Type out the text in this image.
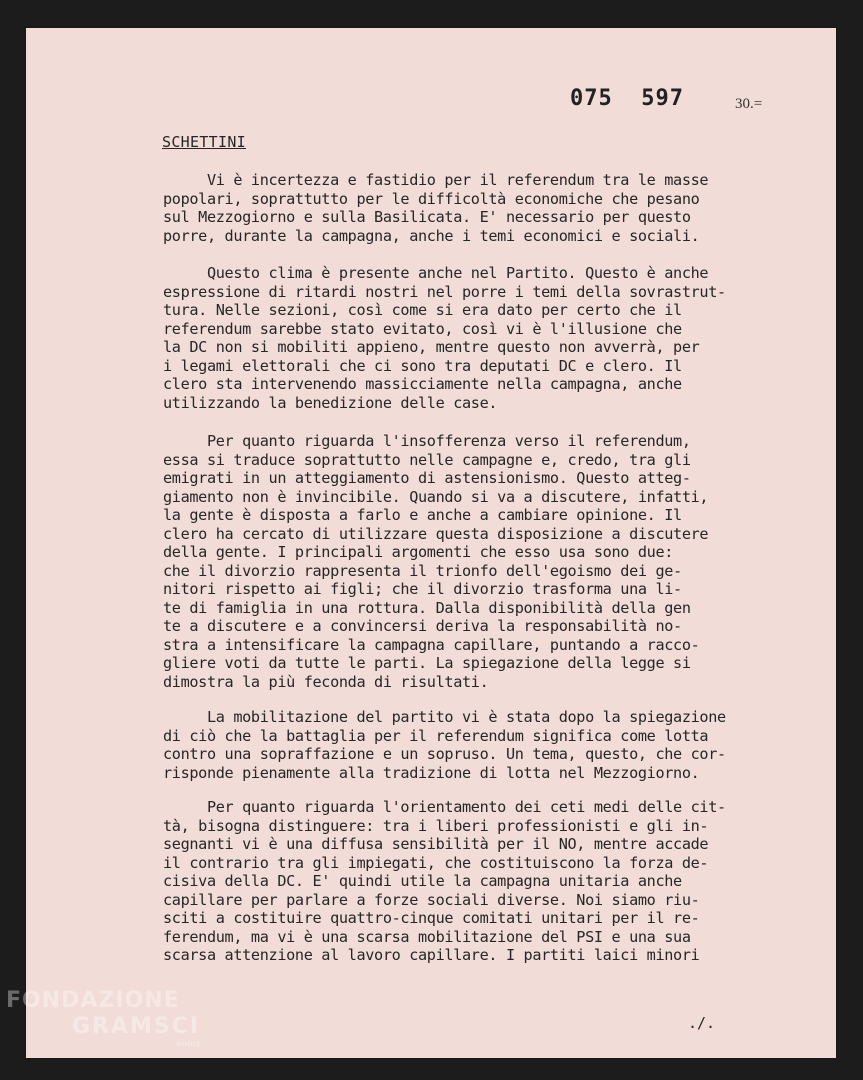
075  597	30.=
SCHETTINI

Vi è incertezza e fastidio per il referendum tra le masse
popolari, soprattutto per le difficoltà economiche che pesano
sul Mezzogiorno e sulla Basilicata. E' necessario per questo
porre, durante la campagna, anche i temi economici e sociali.

Questo clima è presente anche nel Partito. Questo è anche
espressione di ritardi nostri nel porre i temi della sovrastrut-
tura. Nelle sezioni, così come si era dato per certo che il
referendum sarebbe stato evitato, così vi è l'illusione che
la DC non si mobiliti appieno, mentre questo non avverrà, per
i legami elettorali che ci sono tra deputati DC e clero. Il
clero sta intervenendo massicciamente nella campagna, anche
utilizzando la benedizione delle case.

Per quanto riguarda l'insofferenza verso il referendum,
essa si traduce soprattutto nelle campagne e, credo, tra gli
emigrati in un atteggiamento di astensionismo. Questo atteg-
giamento non è invincibile. Quando si va a discutere, infatti,
la gente è disposta a farlo e anche a cambiare opinione. Il
clero ha cercato di utilizzare questa disposizione a discutere
della gente. I principali argomenti che esso usa sono due:
che il divorzio rappresenta il trionfo dell'egoismo dei ge-
nitori rispetto ai figli; che il divorzio trasforma una li-
te di famiglia in una rottura. Dalla disponibilità della gen
te a discutere e a convincersi deriva la responsabilità no-
stra a intensificare la campagna capillare, puntando a racco-
gliere voti da tutte le parti. La spiegazione della legge si
dimostra la più feconda di risultati.

La mobilitazione del partito vi è stata dopo la spiegazione
di ciò che la battaglia per il referendum significa come lotta
contro una sopraffazione e un sopruso. Un tema, questo, che cor-
risponde pienamente alla tradizione di lotta nel Mezzogiorno.

Per quanto riguarda l'orientamento dei ceti medi delle cit-
tà, bisogna distinguere: tra i liberi professionisti e gli in-
segnanti vi è una diffusa sensibilità per il NO, mentre accade
il contrario tra gli impiegati, che costituiscono la forza de-
cisiva della DC. E' quindi utile la campagna unitaria anche
capillare per parlare a forze sociali diverse. Noi siamo riu-
sciti a costituire quattro-cinque comitati unitari per il re-
ferendum, ma vi è una scarsa mobilitazione del PSI e una sua
scarsa attenzione al lavoro capillare. I partiti laici minori

./.
FONDAZIONE
GRAMSCI
onlus
